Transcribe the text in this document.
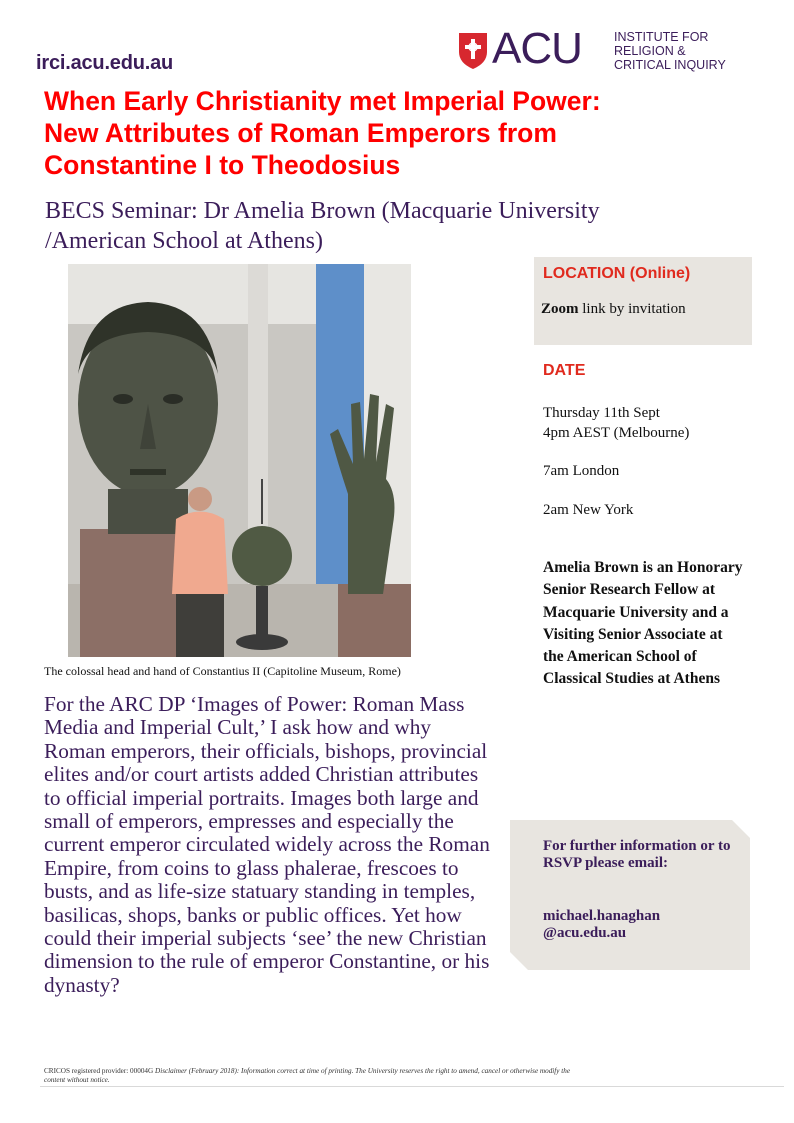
irci.acu.edu.au	ACU	INSTITUTE FOR
RELIGION &
CRITICAL INQUIRY
When Early Christianity met Imperial Power:
New Attributes of Roman Emperors from
Constantine I to Theodosius
BECS Seminar: Dr Amelia Brown (Macquarie University
/American School at Athens)
The colossal head and hand of Constantius II (Capitoline Museum, Rome)
For the ARC DP ‘Images of Power: Roman Mass Media and Imperial Cult,’ I ask how and why Roman emperors, their officials, bishops, provincial elites and/or court artists added Christian attributes to official imperial portraits. Images both large and small of emperors, empresses and especially the current emperor circulated widely across the Roman Empire, from coins to glass phalerae, frescoes to busts, and as life-size statuary standing in temples, basilicas, shops, banks or public offices. Yet how could their imperial subjects ‘see’ the new Christian dimension to the rule of emperor Constantine, or his dynasty?
LOCATION (Online)
Zoom link by invitation
DATE
Thursday 11th Sept
4pm AEST (Melbourne)
7am London
2am New York
Amelia Brown is an Honorary Senior Research Fellow at Macquarie University and a Visiting Senior Associate at the American School of Classical Studies at Athens
For further information or to RSVP please email:
michael.hanaghan
@acu.edu.au
CRICOS registered provider: 00004G Disclaimer (February 2018): Information correct at time of printing. The University reserves the right to amend, cancel or otherwise modify the content without notice.
